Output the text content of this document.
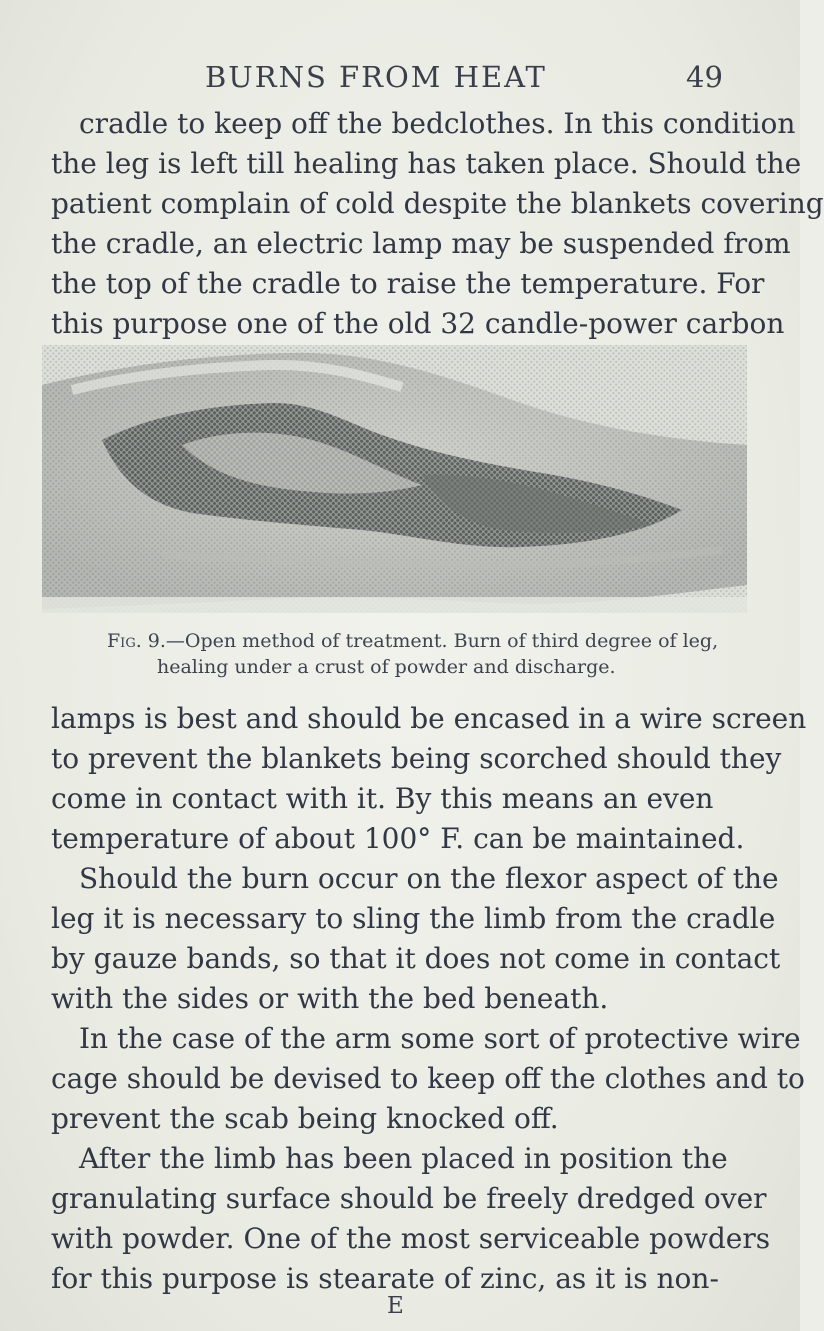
BURNS FROM HEAT	49
cradle to keep off the bedclothes. In this condition
the leg is left till healing has taken place. Should the
patient complain of cold despite the blankets covering
the cradle, an electric lamp may be suspended from
the top of the cradle to raise the temperature. For
this purpose one of the old 32 candle-power carbon
Fig. 9.—Open method of treatment. Burn of third degree of leg,
healing under a crust of powder and discharge.
lamps is best and should be encased in a wire screen
to prevent the blankets being scorched should they
come in contact with it. By this means an even
temperature of about 100° F. can be maintained.
Should the burn occur on the flexor aspect of the
leg it is necessary to sling the limb from the cradle
by gauze bands, so that it does not come in contact
with the sides or with the bed beneath.
In the case of the arm some sort of protective wire
cage should be devised to keep off the clothes and to
prevent the scab being knocked off.
After the limb has been placed in position the
granulating surface should be freely dredged over
with powder. One of the most serviceable powders
for this purpose is stearate of zinc, as it is non-
E
